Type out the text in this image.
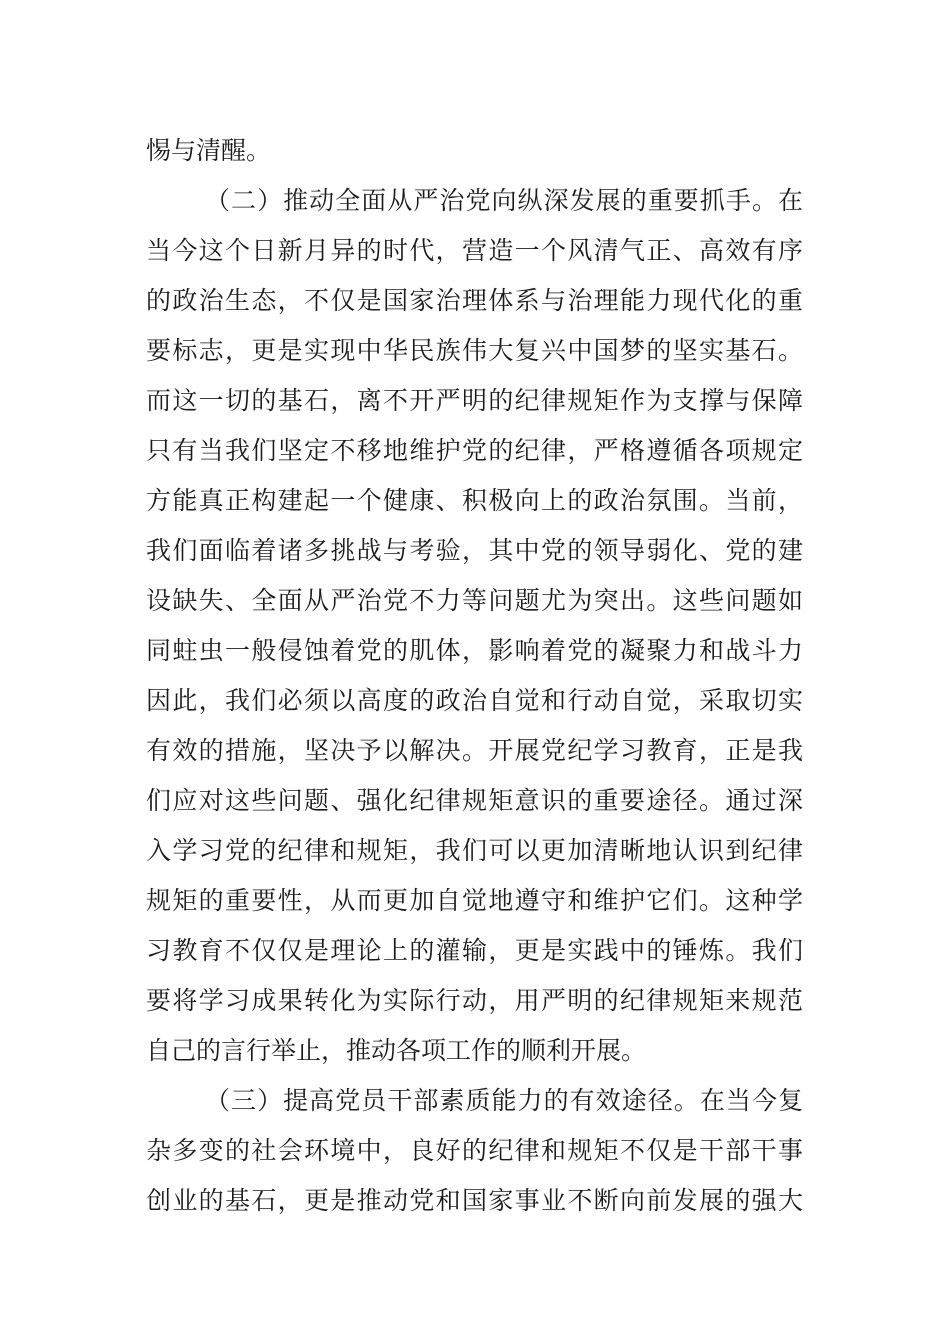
惕与清醒。
（二）推动全面从严治党向纵深发展的重要抓手。在
当今这个日新月异的时代，营造一个风清气正、高效有序
的政治生态，不仅是国家治理体系与治理能力现代化的重
要标志，更是实现中华民族伟大复兴中国梦的坚实基石。
而这一切的基石，离不开严明的纪律规矩作为支撑与保障
只有当我们坚定不移地维护党的纪律，严格遵循各项规定
方能真正构建起一个健康、积极向上的政治氛围。当前，
我们面临着诸多挑战与考验，其中党的领导弱化、党的建
设缺失、全面从严治党不力等问题尤为突出。这些问题如
同蛀虫一般侵蚀着党的肌体，影响着党的凝聚力和战斗力
因此，我们必须以高度的政治自觉和行动自觉，采取切实
有效的措施，坚决予以解决。开展党纪学习教育，正是我
们应对这些问题、强化纪律规矩意识的重要途径。通过深
入学习党的纪律和规矩，我们可以更加清晰地认识到纪律
规矩的重要性，从而更加自觉地遵守和维护它们。这种学
习教育不仅仅是理论上的灌输，更是实践中的锤炼。我们
要将学习成果转化为实际行动，用严明的纪律规矩来规范
自己的言行举止，推动各项工作的顺利开展。
（三）提高党员干部素质能力的有效途径。在当今复
杂多变的社会环境中，良好的纪律和规矩不仅是干部干事
创业的基石，更是推动党和国家事业不断向前发展的强大
